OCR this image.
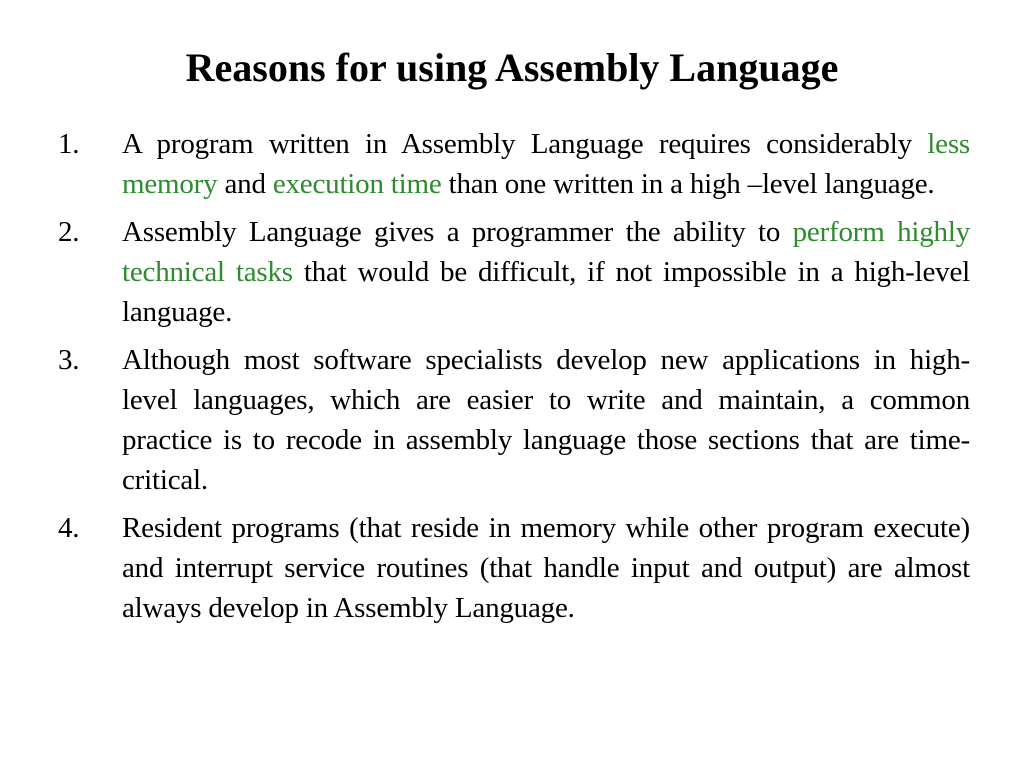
Reasons for using Assembly Language
1. A program written in Assembly Language requires considerably less memory and execution time than one written in a high –level language.
2. Assembly Language gives a programmer the ability to perform highly technical tasks that would be difficult, if not impossible in a high-level language.
3. Although most software specialists develop new applications in high-level languages, which are easier to write and maintain, a common practice is to recode in assembly language those sections that are time-critical.
4. Resident programs (that reside in memory while other program execute) and interrupt service routines (that handle input and output) are almost always develop in Assembly Language.
